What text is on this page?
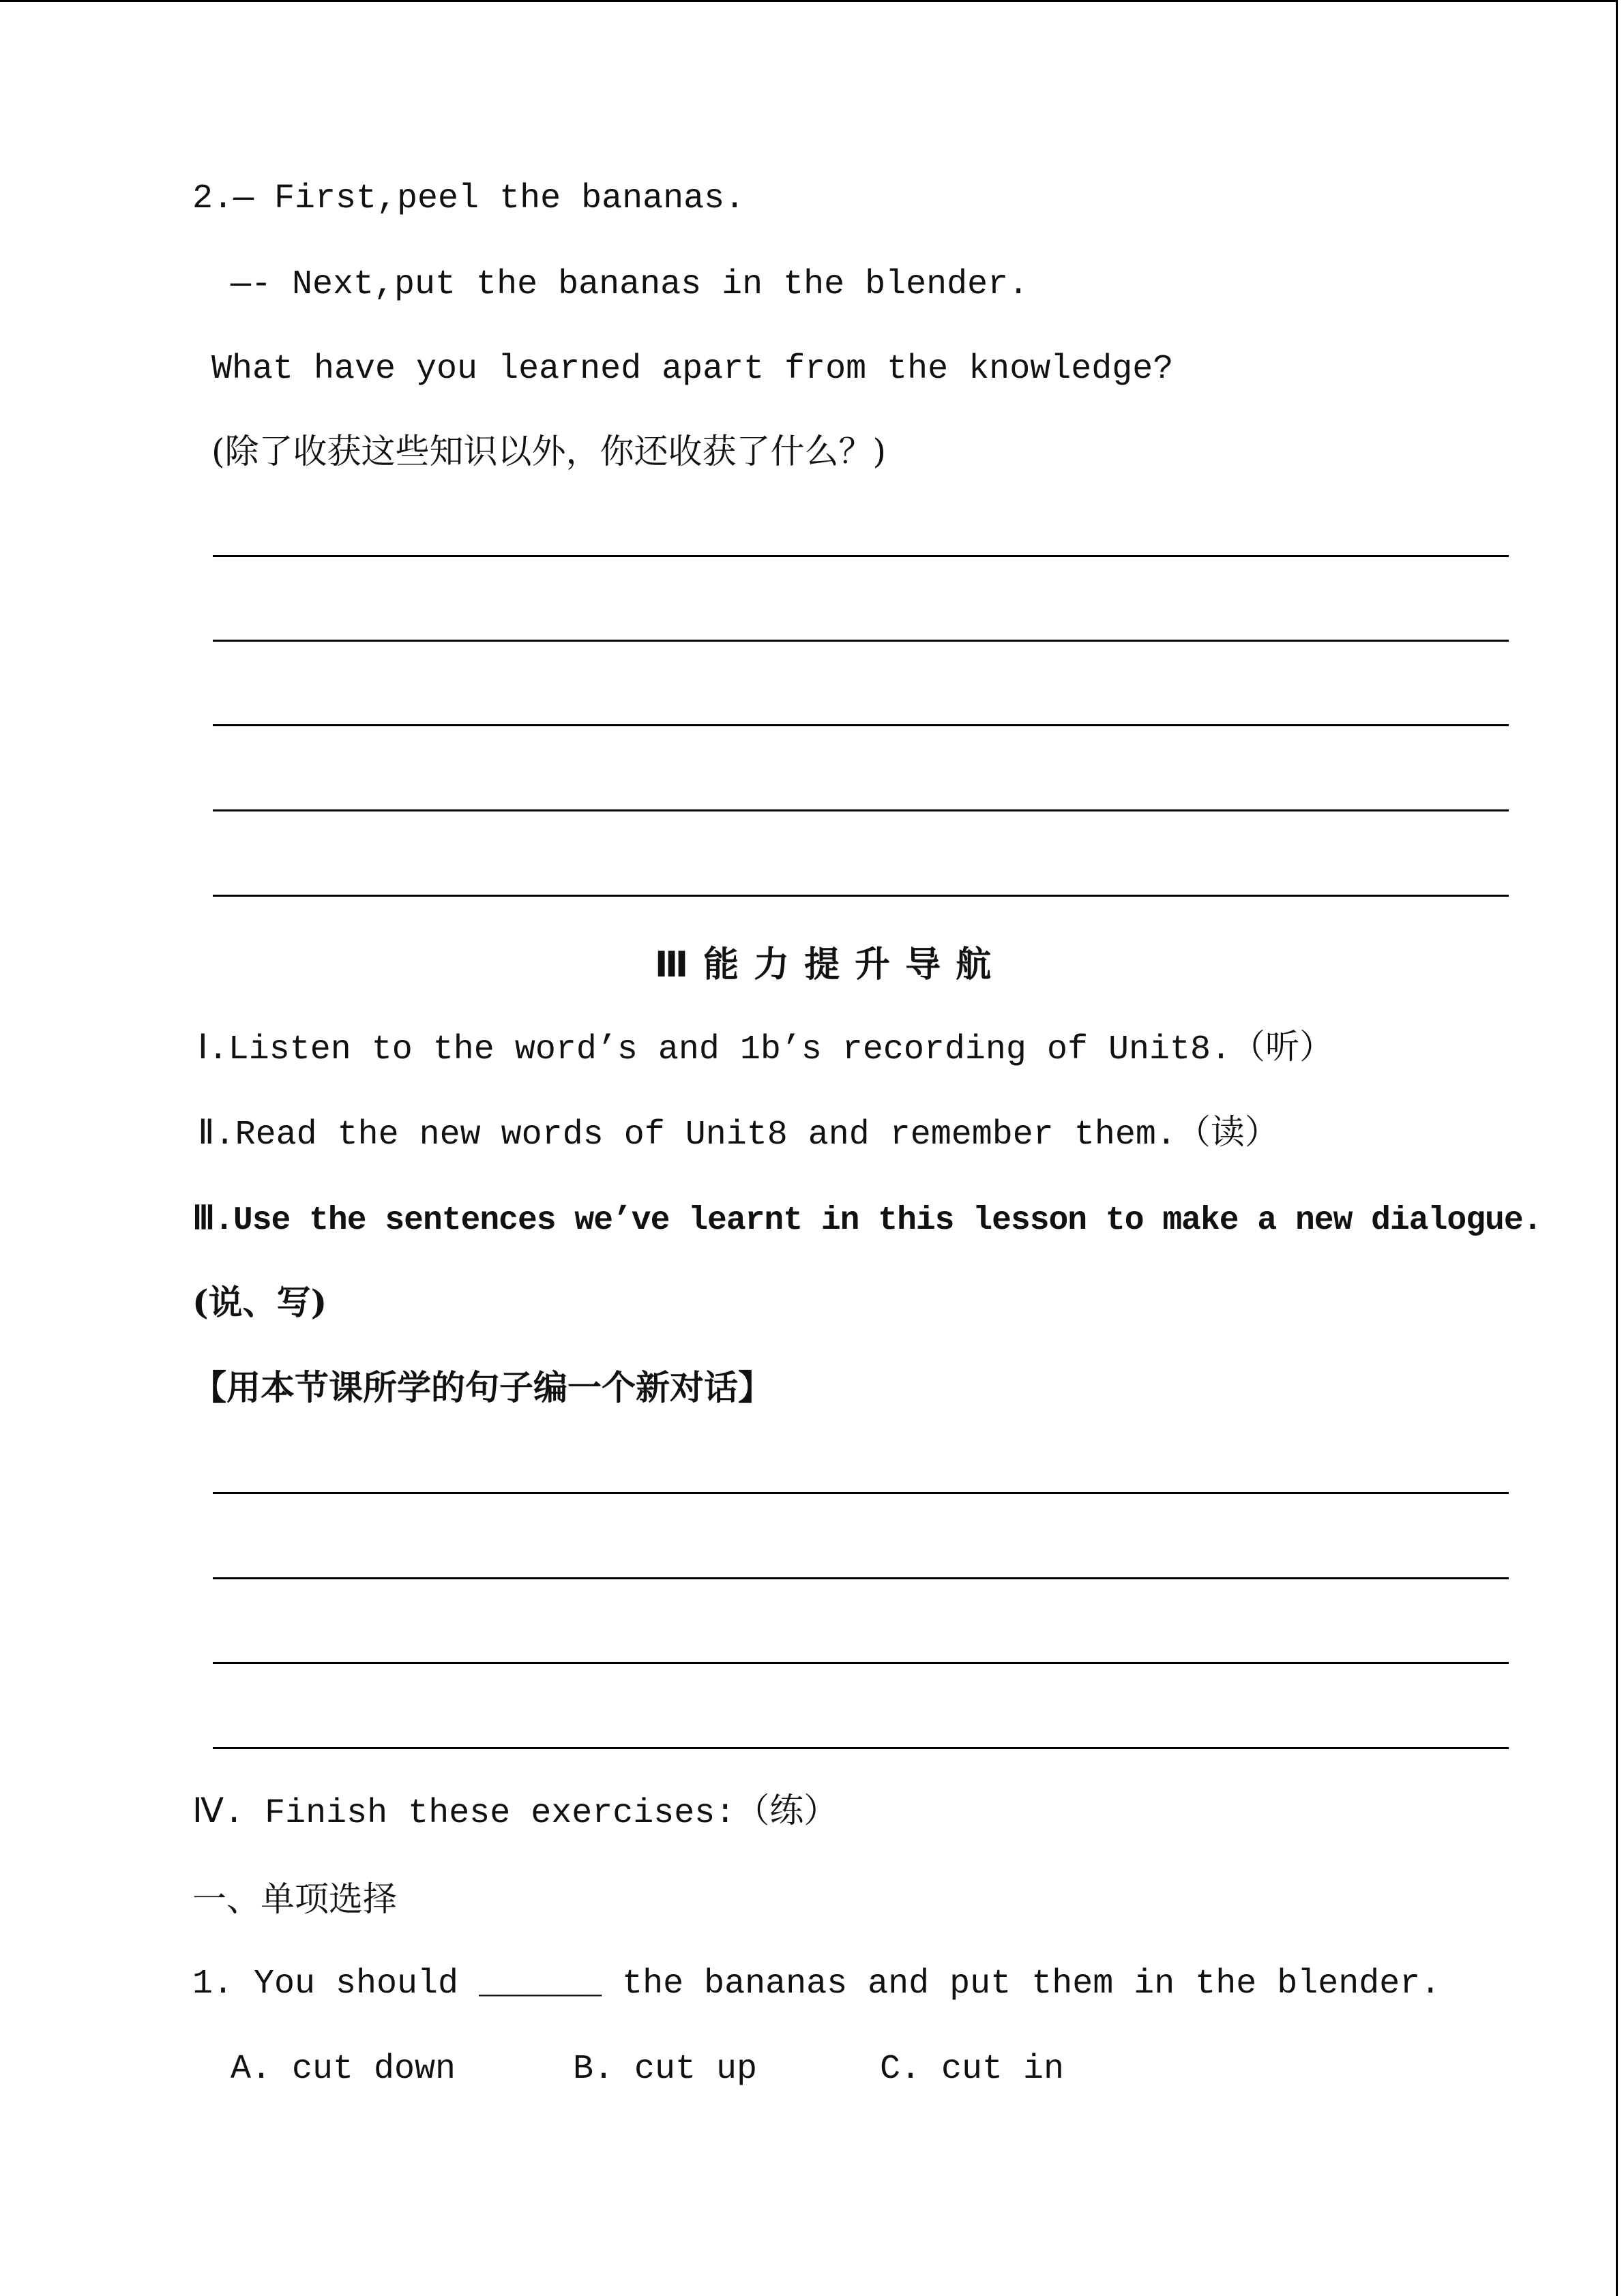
2.— First,peel the bananas.
—- Next,put the bananas in the blender.
What have you learned apart from the knowledge?
(除了收获这些知识以外，你还收获了什么？)
Ⅲ能力提升导航
Ⅰ.Listen to the word’s and 1b’s recording of Unit8.（听）
Ⅱ.Read the new words of Unit8 and remember them.（读）
Ⅲ.Use the sentences we’ve learnt in this lesson to make a new dialogue.
(说、写)
【用本节课所学的句子编一个新对话】
Ⅳ. Finish these exercises:（练）
一、单项选择
1. You should ______ the bananas and put them in the blender.
A. cut down	B. cut up	C. cut in
